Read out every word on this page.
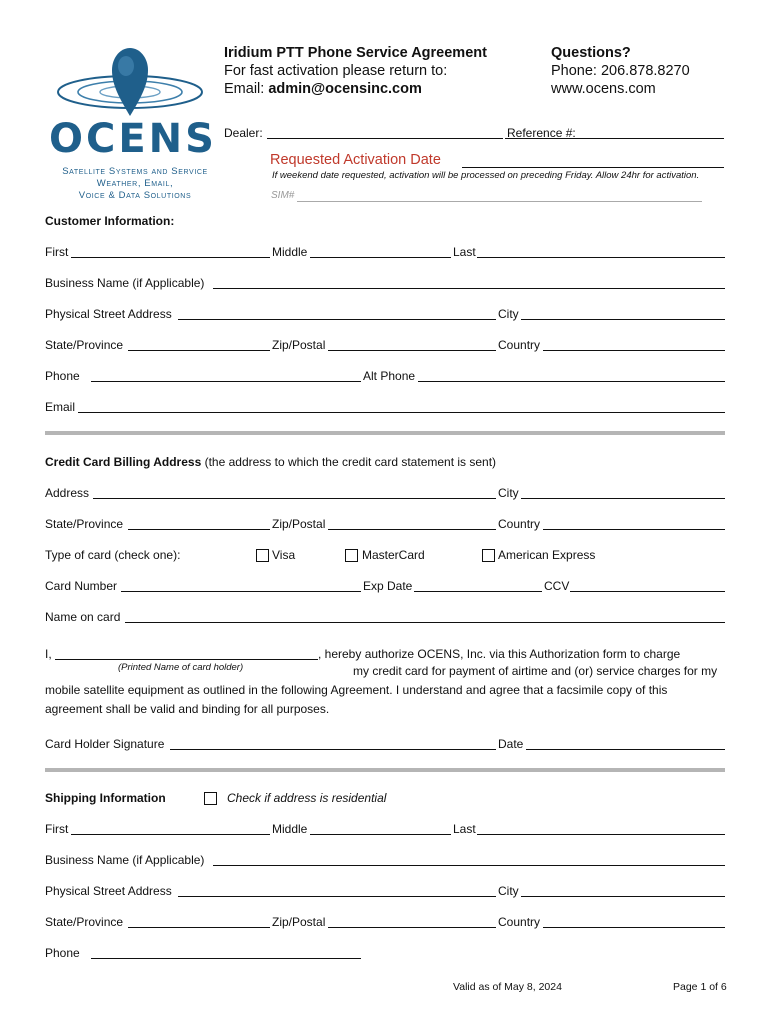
OCENS
Satellite Systems and Service
Weather, Email,
Voice & Data Solutions
Iridium PTT Phone Service Agreement
For fast activation please return to:
Email: admin@ocensinc.com
Questions?
Phone: 206.878.8270
www.ocens.com
Dealer:	Reference #:
Requested Activation Date
If weekend date requested, activation will be processed on preceding Friday. Allow 24hr for activation.
SIM#
Customer Information:
First	Middle	Last
Business Name (if Applicable)
Physical Street Address	City
State/Province	Zip/Postal	Country
Phone	Alt Phone
Email
Credit Card Billing Address (the address to which the credit card statement is sent)
Address	City
State/Province	Zip/Postal	Country
Type of card (check one):	Visa	MasterCard	American Express
Card Number	Exp Date	CCV
Name on card
I,	, hereby authorize OCENS, Inc. via this Authorization form to charge
(Printed Name of card holder)	my credit card for payment of airtime and (or) service charges for my
mobile satellite equipment as outlined in the following Agreement. I understand and agree that a facsimile copy of this
agreement shall be valid and binding for all purposes.
Card Holder Signature	Date
Shipping Information	Check if address is residential
First	Middle	Last
Business Name (if Applicable)
Physical Street Address	City
State/Province	Zip/Postal	Country
Phone
Valid as of May 8, 2024	Page 1 of 6
